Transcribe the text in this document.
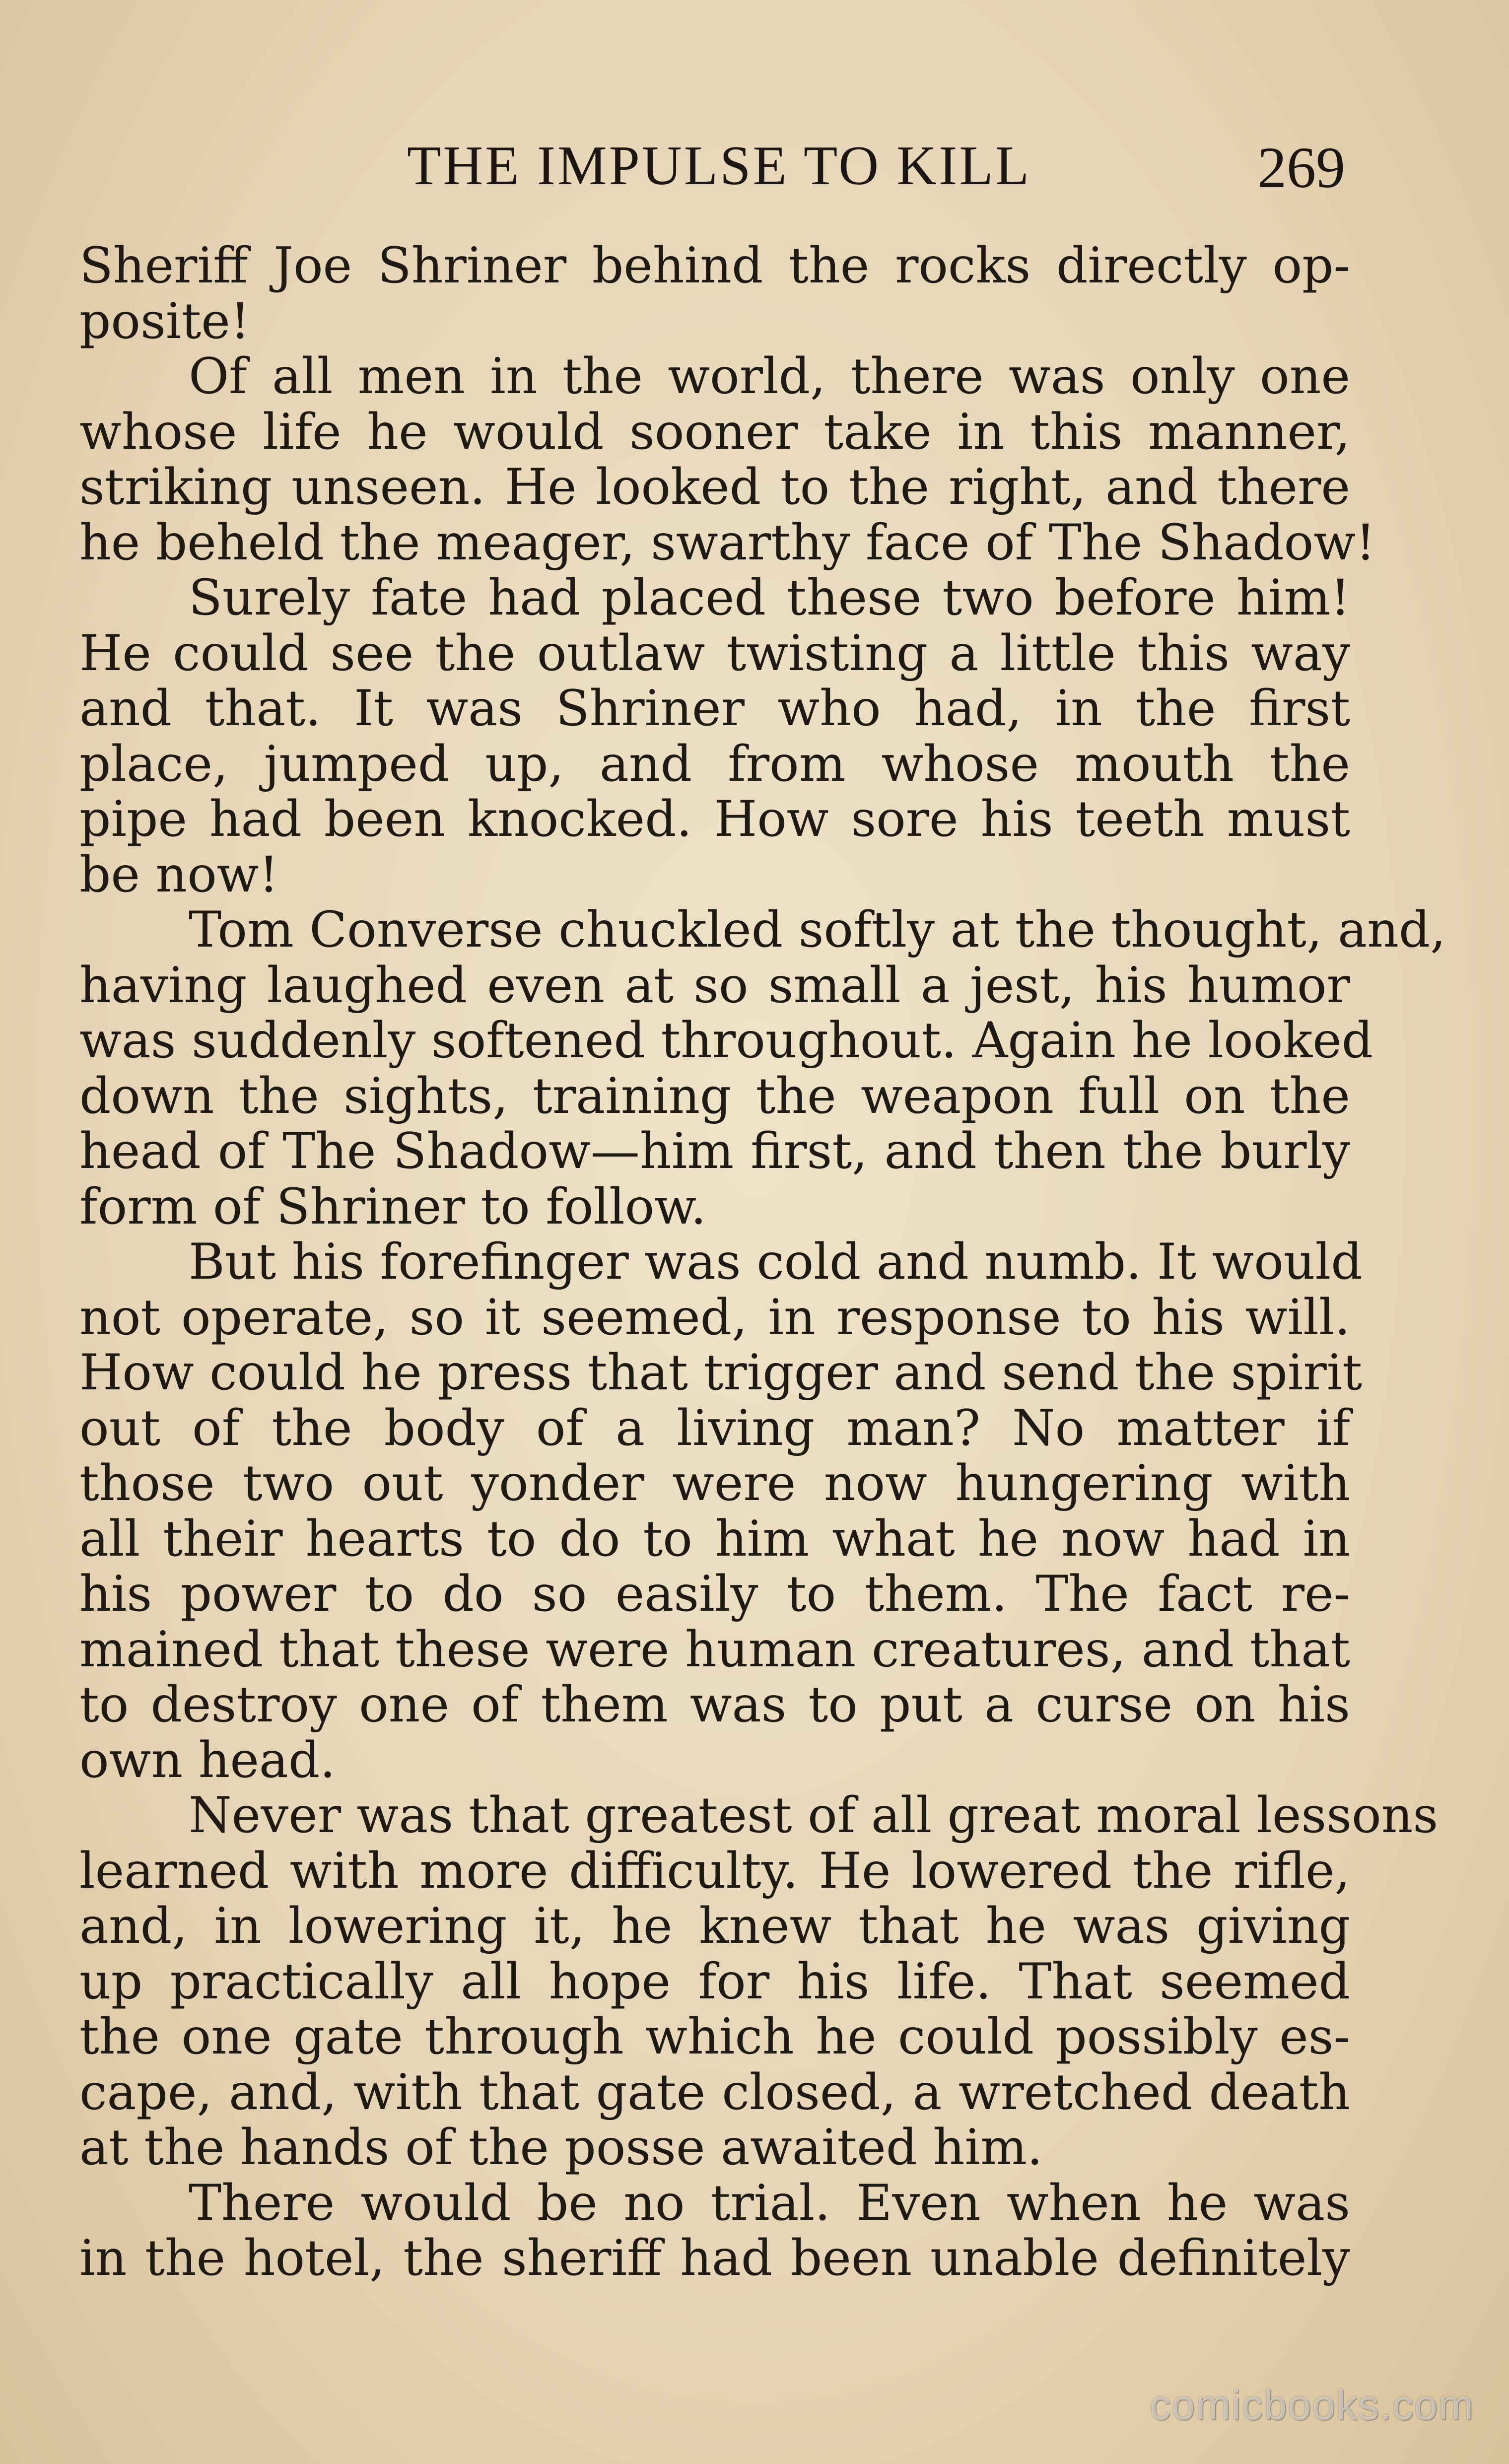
THE IMPULSE TO KILL	269

Sheriff Joe Shriner behind the rocks directly op-
posite!

Of all men in the world, there was only one
whose life he would sooner take in this manner,
striking unseen. He looked to the right, and there
he beheld the meager, swarthy face of The Shadow!

Surely fate had placed these two before him!
He could see the outlaw twisting a little this way
and that. It was Shriner who had, in the first
place, jumped up, and from whose mouth the
pipe had been knocked. How sore his teeth must
be now!

Tom Converse chuckled softly at the thought, and,
having laughed even at so small a jest, his humor
was suddenly softened throughout. Again he looked
down the sights, training the weapon full on the
head of The Shadow—him first, and then the burly
form of Shriner to follow.

But his forefinger was cold and numb. It would
not operate, so it seemed, in response to his will.
How could he press that trigger and send the spirit
out of the body of a living man? No matter if
those two out yonder were now hungering with
all their hearts to do to him what he now had in
his power to do so easily to them. The fact re-
mained that these were human creatures, and that
to destroy one of them was to put a curse on his
own head.

Never was that greatest of all great moral lessons
learned with more difficulty. He lowered the rifle,
and, in lowering it, he knew that he was giving
up practically all hope for his life. That seemed
the one gate through which he could possibly es-
cape, and, with that gate closed, a wretched death
at the hands of the posse awaited him.

There would be no trial. Even when he was
in the hotel, the sheriff had been unable definitely

comicbooks.com
